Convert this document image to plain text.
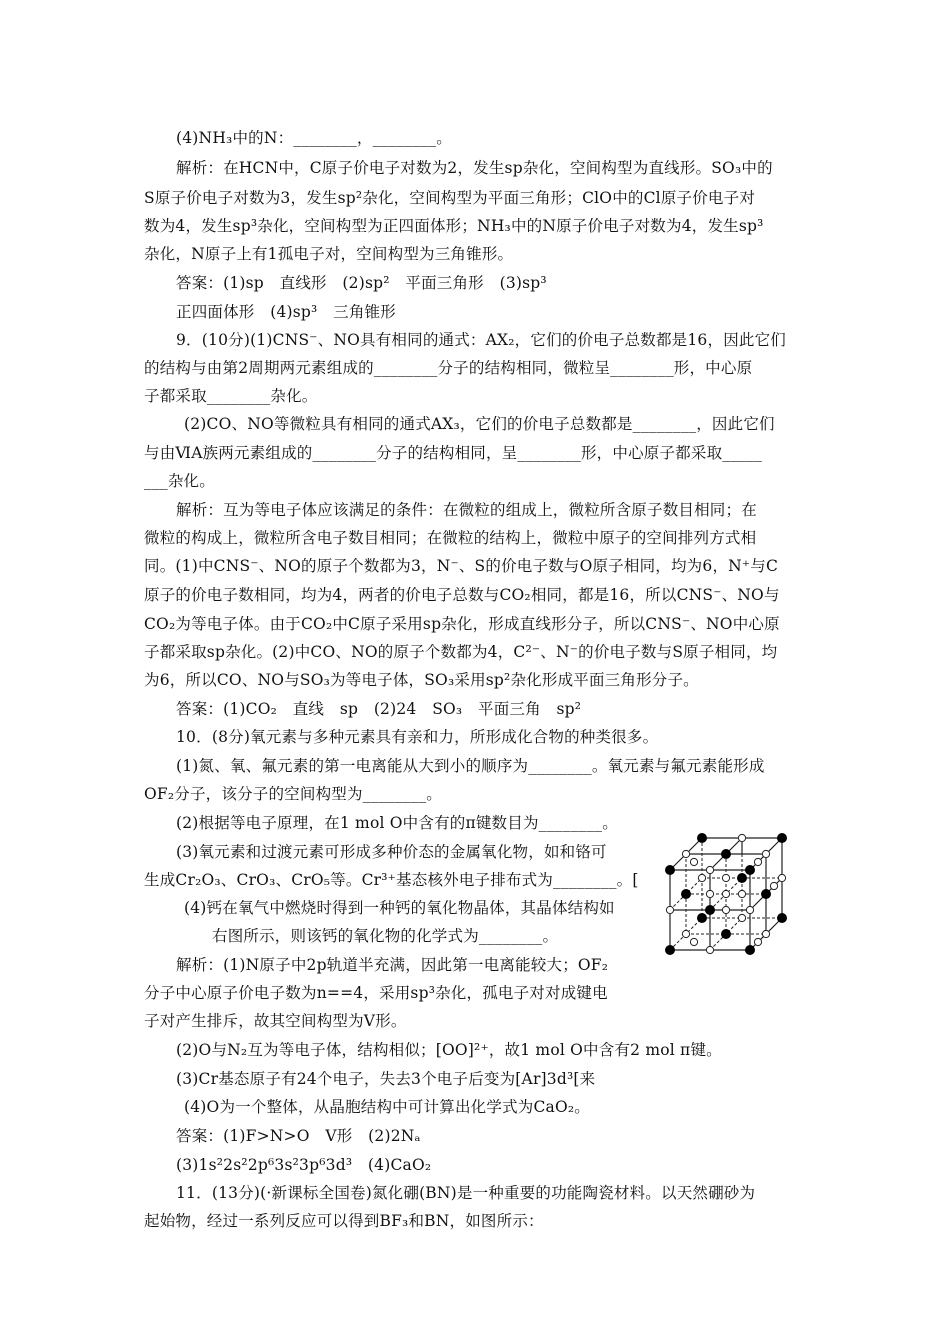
(4)NH₃中的N：________，________。
解析：在HCN中，C原子价电子对数为2，发生sp杂化，空间构型为直线形。SO₃中的
S原子价电子对数为3，发生sp²杂化，空间构型为平面三角形；ClO中的Cl原子价电子对
数为4，发生sp³杂化，空间构型为正四面体形；NH₃中的N原子价电子对数为4，发生sp³
杂化，N原子上有1孤电子对，空间构型为三角锥形。
答案：(1)sp　直线形　(2)sp²　平面三角形　(3)sp³
正四面体形　(4)sp³　三角锥形
9．(10分)(1)CNS⁻、NO具有相同的通式：AX₂，它们的价电子总数都是16，因此它们
的结构与由第2周期两元素组成的________分子的结构相同，微粒呈________形，中心原
子都采取________杂化。
(2)CO、NO等微粒具有相同的通式AX₃，它们的价电子总数都是________，因此它们
与由ⅥA族两元素组成的________分子的结构相同，呈________形，中心原子都采取_____
___杂化。
解析：互为等电子体应该满足的条件：在微粒的组成上，微粒所含原子数目相同；在
微粒的构成上，微粒所含电子数目相同；在微粒的结构上，微粒中原子的空间排列方式相
同。(1)中CNS⁻、NO的原子个数都为3，N⁻、S的价电子数与O原子相同，均为6，N⁺与C
原子的价电子数相同，均为4，两者的价电子总数与CO₂相同，都是16，所以CNS⁻、NO与
CO₂为等电子体。由于CO₂中C原子采用sp杂化，形成直线形分子，所以CNS⁻、NO中心原
子都采取sp杂化。(2)中CO、NO的原子个数都为4，C²⁻、N⁻的价电子数与S原子相同，均
为6，所以CO、NO与SO₃为等电子体，SO₃采用sp²杂化形成平面三角形分子。
答案：(1)CO₂　直线　sp　(2)24　SO₃　平面三角　sp²
10．(8分)氧元素与多种元素具有亲和力，所形成化合物的种类很多。
(1)氮、氧、氟元素的第一电离能从大到小的顺序为________。氧元素与氟元素能形成
OF₂分子，该分子的空间构型为________。
(2)根据等电子原理，在1 mol O中含有的π键数目为________。
(3)氧元素和过渡元素可形成多种价态的金属氧化物，如和铬可
生成Cr₂O₃、CrO₃、CrO₅等。Cr³⁺基态核外电子排布式为________。[
(4)钙在氧气中燃烧时得到一种钙的氧化物晶体，其晶体结构如
右图所示，则该钙的氧化物的化学式为________。
解析：(1)N原子中2p轨道半充满，因此第一电离能较大；OF₂
分子中心原子价电子数为n==4，采用sp³杂化，孤电子对对成键电
子对产生排斥，故其空间构型为V形。
(2)O与N₂互为等电子体，结构相似；[OO]²⁺，故1 mol O中含有2 mol π键。
(3)Cr基态原子有24个电子，失去3个电子后变为[Ar]3d³[来
(4)O为一个整体，从晶胞结构中可计算出化学式为CaO₂。
答案：(1)F>N>O　V形　(2)2Nₐ
(3)1s²2s²2p⁶3s²3p⁶3d³　(4)CaO₂
11．(13分)(·新课标全国卷)氮化硼(BN)是一种重要的功能陶瓷材料。以天然硼砂为
起始物，经过一系列反应可以得到BF₃和BN，如图所示：
